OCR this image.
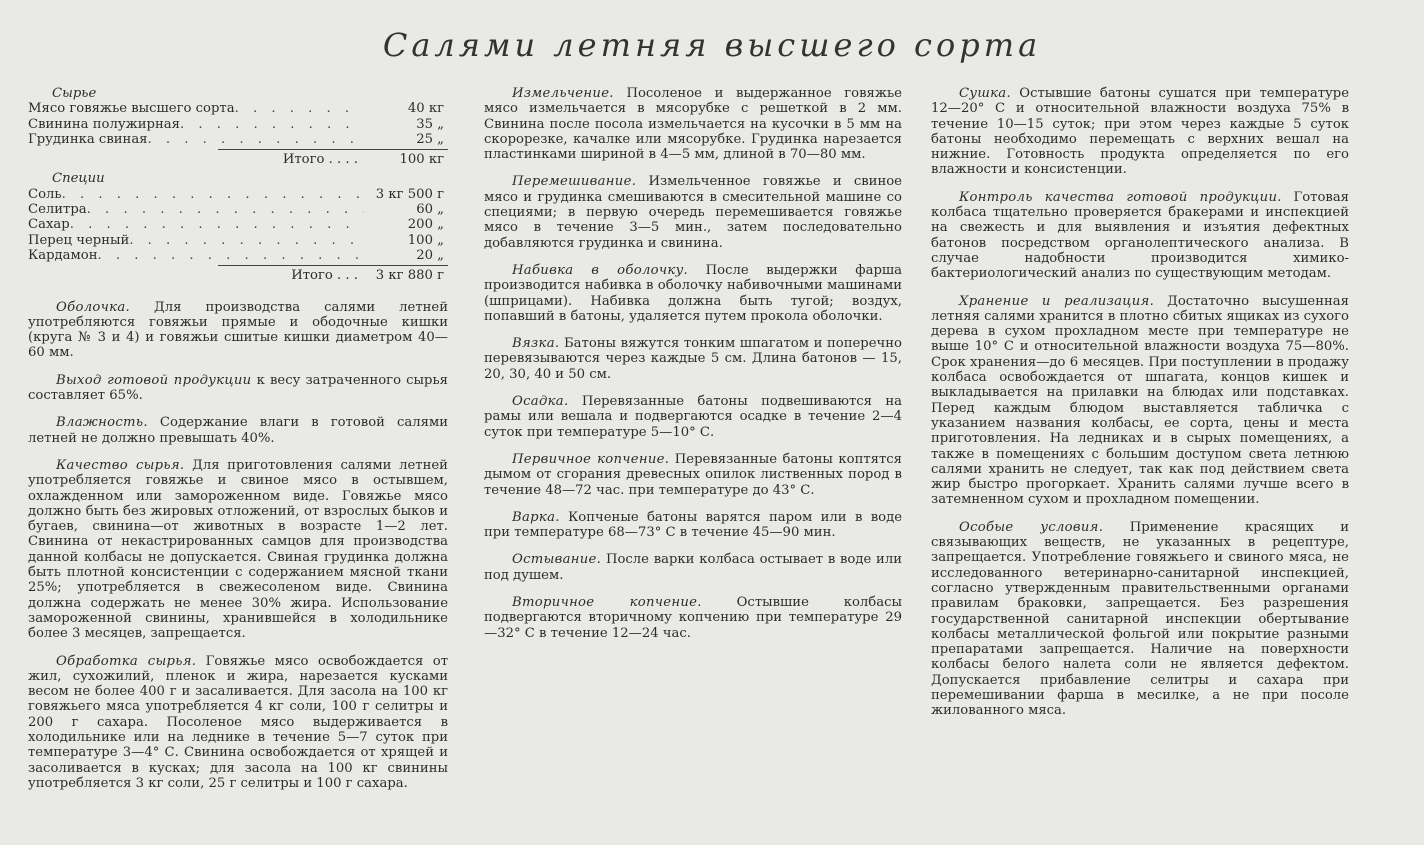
Салями летняя высшего сорта
Сырье
Мясо говяжье высшего сорта . . .	40 кг
Свинина полужирная . . .	35 „
Грудинка свиная . . .	25 „
Итого . . . .	100 кг
Специи
Соль . . .	3 кг 500 г
Селитра . . .	60 „
Сахар . . .	200 „
Перец черный . . .	100 „
Кардамон . . .	20 „
Итого . . .	3 кг 880 г

Оболочка. Для производства салями летней употребляются говяжьи прямые и ободочные кишки (круга № 3 и 4) и говяжьи сшитые кишки диаметром 40—60 мм.

Выход готовой продукции к весу затраченного сырья составляет 65%.

Влажность. Содержание влаги в готовой салями летней не должно превышать 40%.

Качество сырья. Для приготовления салями летней употребляется говяжье и свиное мясо в остывшем, охлажденном или замороженном виде. Говяжье мясо должно быть без жировых отложений, от взрослых быков и бугаев, свинина—от животных в возрасте 1—2 лет. Свинина от некастрированных самцов для производства данной колбасы не допускается. Свиная грудинка должна быть плотной консистенции с содержанием мясной ткани 25%; употребляется в свежесоленом виде. Свинина должна содержать не менее 30% жира. Использование замороженной свинины, хранившейся в холодильнике более 3 месяцев, запрещается.

Обработка сырья. Говяжье мясо освобождается от жил, сухожилий, пленок и жира, нарезается кусками весом не более 400 г и засаливается. Для засола на 100 кг говяжьего мяса употребляется 4 кг соли, 100 г селитры и 200 г сахара. Посоленое мясо выдерживается в холодильнике или на леднике в течение 5—7 суток при температуре 3—4° С. Свинина освобождается от хрящей и засоливается в кусках; для засола на 100 кг свинины употребляется 3 кг соли, 25 г селитры и 100 г сахара.

Измельчение. Посоленое и выдержанное говяжье мясо измельчается в мясорубке с решеткой в 2 мм. Свинина после посола измельчается на кусочки в 5 мм на скорорезке, качалке или мясорубке. Грудинка нарезается пластинками шириной в 4—5 мм, длиной в 70—80 мм.

Перемешивание. Измельченное говяжье и свиное мясо и грудинка смешиваются в смесительной машине со специями; в первую очередь перемешивается говяжье мясо в течение 3—5 мин., затем последовательно добавляются грудинка и свинина.

Набивка в оболочку. После выдержки фарша производится набивка в оболочку набивочными машинами (шприцами). Набивка должна быть тугой; воздух, попавший в батоны, удаляется путем прокола оболочки.

Вязка. Батоны вяжутся тонким шпагатом и поперечно перевязываются через каждые 5 см. Длина батонов — 15, 20, 30, 40 и 50 см.

Осадка. Перевязанные батоны подвешиваются на рамы или вешала и подвергаются осадке в течение 2—4 суток при температуре 5—10° С.

Первичное копчение. Перевязанные батоны коптятся дымом от сгорания древесных опилок лиственных пород в течение 48—72 час. при температуре до 43° С.

Варка. Копченые батоны варятся паром или в воде при температуре 68—73° С в течение 45—90 мин.

Остывание. После варки колбаса остывает в воде или под душем.

Вторичное копчение.	Остывшие колбасы подвергаются вторичному копчению при температуре 29—32° С в течение 12—24 час.

Сушка. Остывшие батоны сушатся при температуре 12—20° С и относительной влажности воздуха 75% в течение 10—15 суток; при этом через каждые 5 суток батоны необходимо перемещать с верхних вешал на нижние. Готовность продукта определяется по его влажности и консистенции.

Контроль качества готовой продукции. Готовая колбаса тщательно проверяется бракерами и инспекцией на свежесть и для выявления и изъятия дефектных батонов посредством органолептического анализа. В случае надобности производится химико-бактериологический анализ по существующим методам.

Хранение и реализация. Достаточно высушенная летняя салями хранится в плотно сбитых ящиках из сухого дерева в сухом прохладном месте при температуре не выше 10° С и относительной влажности воздуха 75—80%. Срок хранения—до 6 месяцев. При поступлении в продажу колбаса освобождается от шпагата, концов кишек и выкладывается на прилавки на блюдах или подставках. Перед каждым блюдом выставляется табличка с указанием названия колбасы, ее сорта, цены и места приготовления. На ледниках и в сырых помещениях, а также в помещениях с большим доступом света летнюю салями хранить не следует, так как под действием света жир быстро прогоркает. Хранить салями лучше всего в затемненном сухом и прохладном помещении.

Особые условия. Применение красящих и связывающих веществ, не указанных в рецептуре, запрещается. Употребление говяжьего и свиного мяса, не исследованного ветеринарно-санитарной инспекцией, согласно утвержденным правительственными органами правилам браковки, запрещается. Без разрешения государственной санитарной инспекции обертывание колбасы металлической фольгой или покрытие разными препаратами запрещается. Наличие на поверхности колбасы белого налета соли не является дефектом. Допускается прибавление селитры и сахара при перемешивании фарша в месилке, а не при посоле жилованного мяса.
